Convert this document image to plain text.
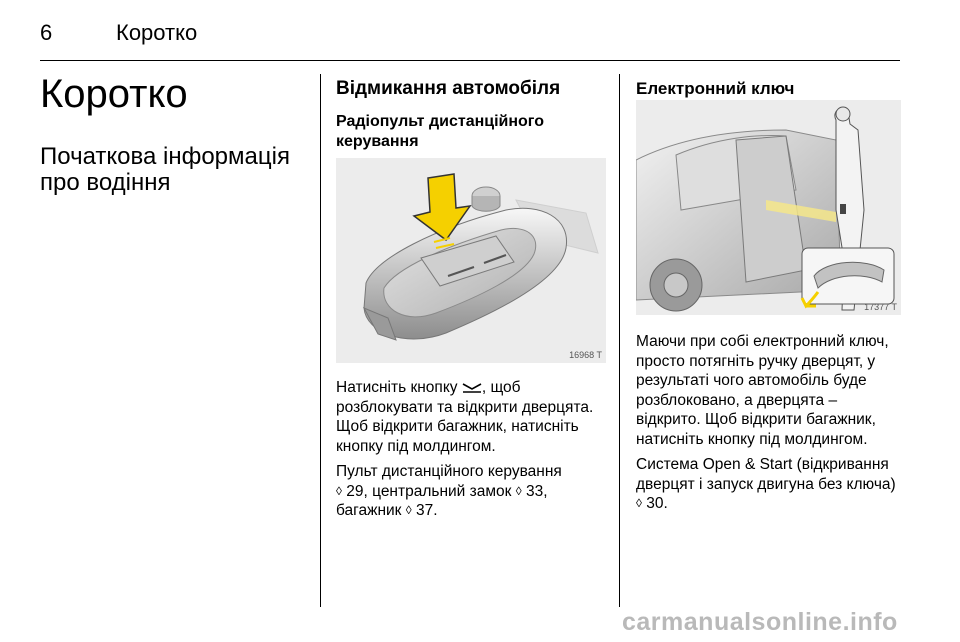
6	Коротко
Коротко
Початкова інформація про водіння
Відмикання автомобіля
Радіопульт дистанційного керування
16968 T

Натисніть кнопку , щоб розблокувати та відкрити дверцята. Щоб відкрити багажник, натисніть кнопку під молдингом.

Пульт дистанційного керування
◊ 29, центральний замок ◊ 33, багажник ◊ 37.

Електронний ключ
17377 T

Маючи при собі електронний ключ, просто потягніть ручку дверцят, у результаті чого автомобіль буде розблоковано, а дверцята – відкрито. Щоб відкрити багажник, натисніть кнопку під молдингом.

Система Open & Start (відкривання дверцят і запуск двигуна без ключа)
◊ 30.

carmanualsonline.info
